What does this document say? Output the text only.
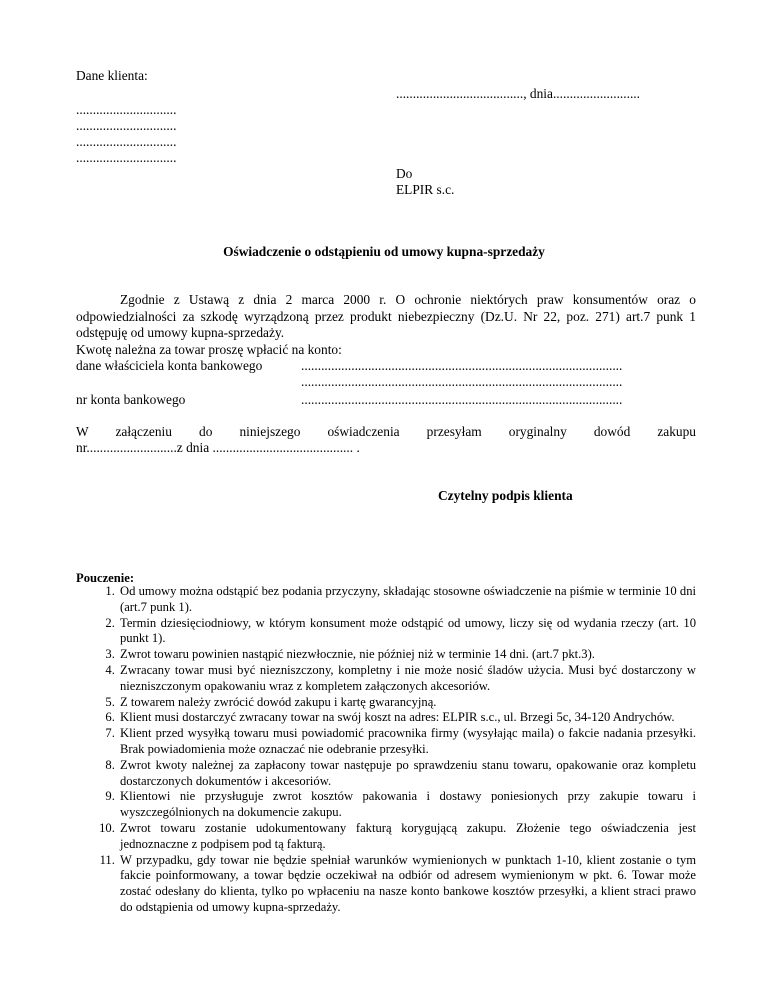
Dane klienta:
......................................, dnia..........................
..............................
..............................
..............................
..............................
Do
ELPIR s.c.
Oświadczenie o odstąpieniu od umowy kupna-sprzedaży
Zgodnie z Ustawą z dnia 2 marca 2000 r. O ochronie niektórych praw konsumentów oraz o odpowiedzialności za szkodę wyrządzoną przez produkt niebezpieczny (Dz.U. Nr 22, poz. 271) art.7 punk 1 odstępuję od umowy kupna-sprzedaży.
Kwotę należna za towar proszę wpłacić na konto:
dane właściciela konta bankowego	................................................................................................
................................................................................................
nr konta bankowego	................................................................................................
W załączeniu do niniejszego oświadczenia przesyłam oryginalny dowód zakupu
nr...........................z dnia .......................................... .
Czytelny podpis klienta
Pouczenie:
1. Od umowy można odstąpić bez podania przyczyny, składając stosowne oświadczenie na piśmie w terminie 10 dni (art.7 punk 1).
2. Termin dziesięciodniowy, w którym konsument może odstąpić od umowy, liczy się od wydania rzeczy (art. 10 punkt 1).
3. Zwrot towaru powinien nastąpić niezwłocznie, nie później niż w terminie 14 dni. (art.7 pkt.3).
4. Zwracany towar musi być niezniszczony, kompletny i nie może nosić śladów użycia. Musi być dostarczony w niezniszczonym opakowaniu wraz z kompletem załączonych akcesoriów.
5. Z towarem należy zwrócić dowód zakupu i kartę gwarancyjną.
6. Klient musi dostarczyć zwracany towar na swój koszt na adres: ELPIR s.c., ul. Brzegi 5c, 34-120 Andrychów.
7. Klient przed wysyłką towaru musi powiadomić pracownika firmy (wysyłając maila) o fakcie nadania przesyłki. Brak powiadomienia może oznaczać nie odebranie przesyłki.
8. Zwrot kwoty należnej za zapłacony towar następuje po sprawdzeniu stanu towaru, opakowanie oraz kompletu dostarczonych dokumentów i akcesoriów.
9. Klientowi nie przysługuje zwrot kosztów pakowania i dostawy poniesionych przy zakupie towaru i wyszczególnionych na dokumencie zakupu.
10. Zwrot towaru zostanie udokumentowany fakturą korygującą zakupu. Złożenie tego oświadczenia jest jednoznaczne z podpisem pod tą fakturą.
11. W przypadku, gdy towar nie będzie spełniał warunków wymienionych w punktach 1-10, klient zostanie o tym fakcie poinformowany, a towar będzie oczekiwał na odbiór od adresem wymienionym w pkt. 6. Towar może zostać odesłany do klienta, tylko po wpłaceniu na nasze konto bankowe kosztów przesyłki, a klient straci prawo do odstąpienia od umowy kupna-sprzedaży.
